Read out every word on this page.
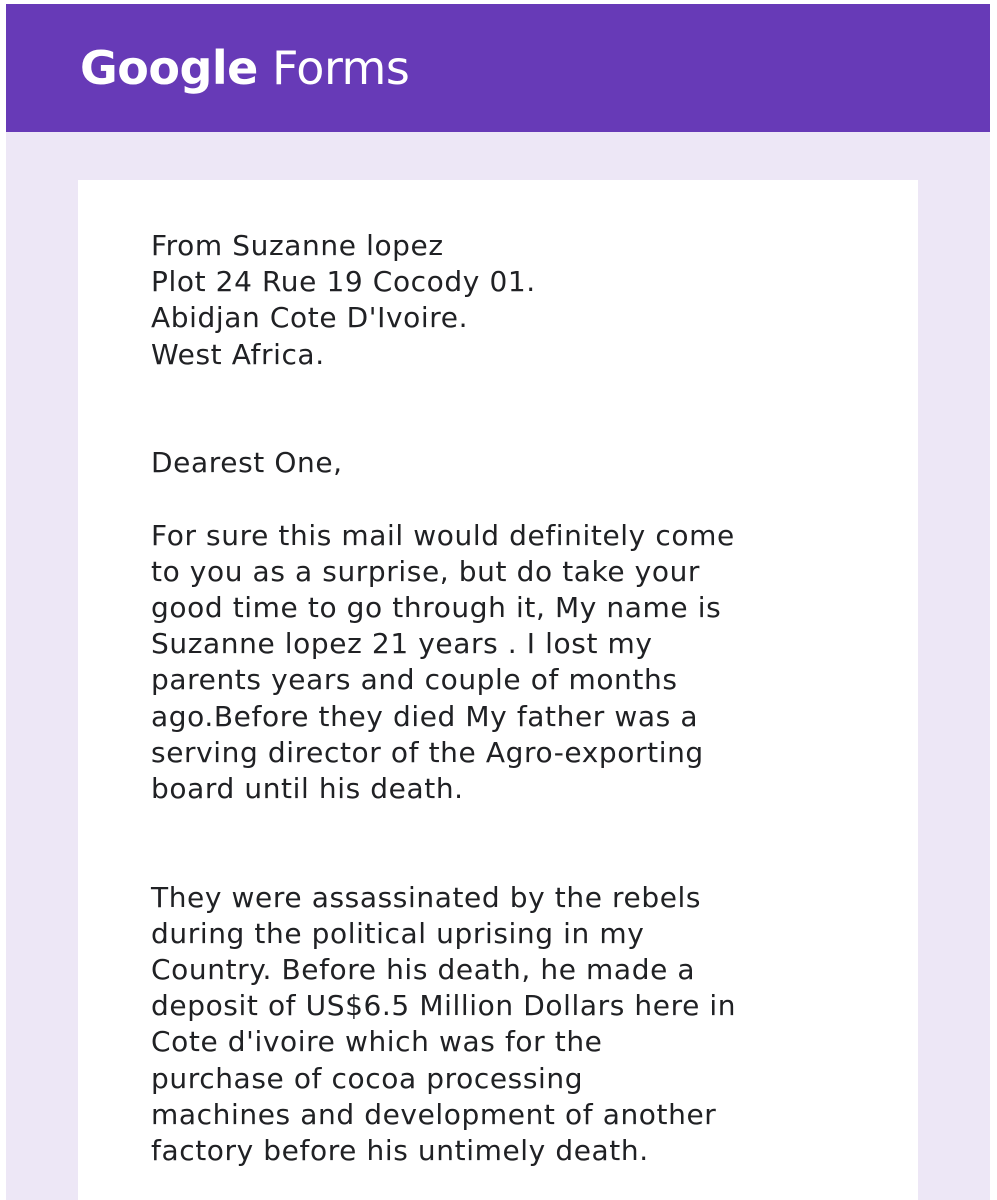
Google Forms

From Suzanne lopez

Plot 24 Rue 19 Cocody 01.

Abidjan Cote D'Ivoire.

West Africa.

Dearest One,

For sure this mail would definitely come

to you as a surprise, but do take your

good time to go through it, My name is

Suzanne lopez 21 years . I lost my

parents years and couple of months

ago.Before they died My father was a

serving director of the Agro-exporting

board until his death.

They were assassinated by the rebels

during the political uprising in my

Country. Before his death, he made a

deposit of US$6.5 Million Dollars here in

Cote d'ivoire which was for the

purchase of cocoa processing

machines and development of another

factory before his untimely death.
